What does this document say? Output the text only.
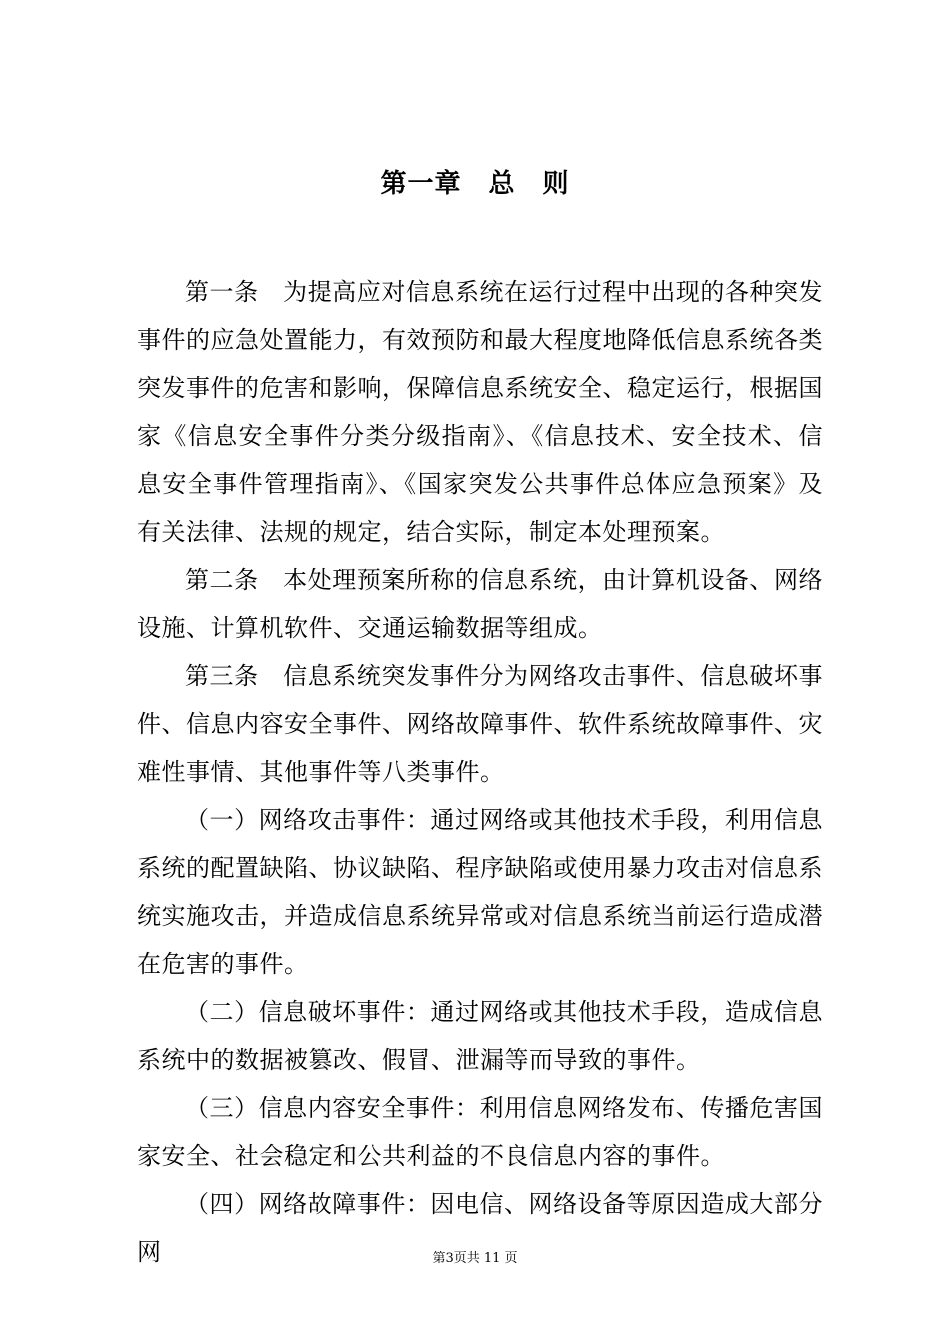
第一章　总　则

第一条　为提高应对信息系统在运行过程中出现的各种突发事件的应急处置能力，有效预防和最大程度地降低信息系统各类突发事件的危害和影响，保障信息系统安全、稳定运行，根据国家《信息安全事件分类分级指南》、《信息技术、安全技术、信息安全事件管理指南》、《国家突发公共事件总体应急预案》及有关法律、法规的规定，结合实际，制定本处理预案。

第二条　本处理预案所称的信息系统，由计算机设备、网络设施、计算机软件、交通运输数据等组成。

第三条　信息系统突发事件分为网络攻击事件、信息破坏事件、信息内容安全事件、网络故障事件、软件系统故障事件、灾难性事情、其他事件等八类事件。

（一）网络攻击事件：通过网络或其他技术手段，利用信息系统的配置缺陷、协议缺陷、程序缺陷或使用暴力攻击对信息系统实施攻击，并造成信息系统异常或对信息系统当前运行造成潜在危害的事件。

（二）信息破坏事件：通过网络或其他技术手段，造成信息系统中的数据被篡改、假冒、泄漏等而导致的事件。

（三）信息内容安全事件：利用信息网络发布、传播危害国家安全、社会稳定和公共利益的不良信息内容的事件。

（四）网络故障事件：因电信、网络设备等原因造成大部分网	第3页共 11 页
